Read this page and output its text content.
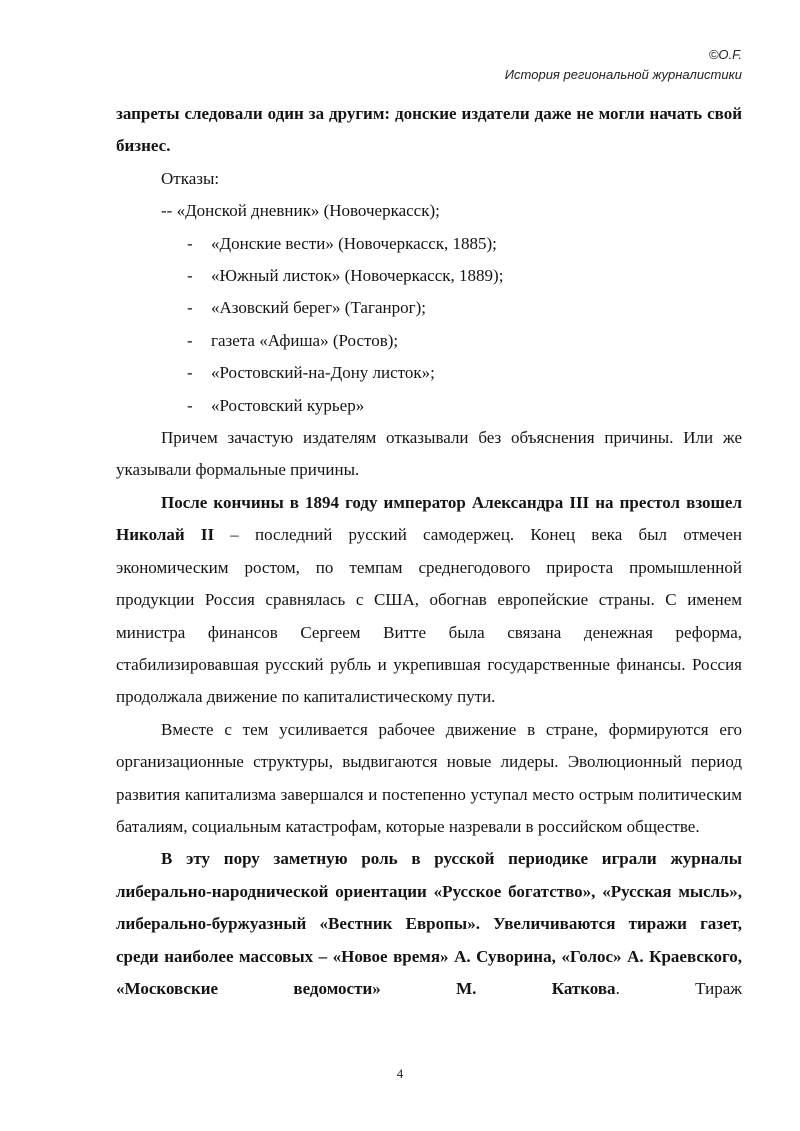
©O.F.
История региональной журналистики

запреты следовали один за другим: донские издатели даже не могли начать свой бизнес.

Отказы:

-- «Донской дневник» (Новочеркасск);

- «Донские вести» (Новочеркасск, 1885);
- «Южный листок» (Новочеркасск, 1889);
- «Азовский берег» (Таганрог);
- газета «Афиша» (Ростов);
- «Ростовский-на-Дону листок»;
- «Ростовский курьер»

Причем зачастую издателям отказывали без объяснения причины. Или же указывали формальные причины.

После кончины в 1894 году император Александра III на престол взошел Николай II – последний русский самодержец. Конец века был отмечен экономическим ростом, по темпам среднегодового прироста промышленной продукции Россия сравнялась с США, обогнав европейские страны. С именем министра финансов Сергеем Витте была связана денежная реформа, стабилизировавшая русский рубль и укрепившая государственные финансы. Россия продолжала движение по капиталистическому пути.

Вместе с тем усиливается рабочее движение в стране, формируются его организационные структуры, выдвигаются новые лидеры. Эволюционный период развития капитализма завершался и постепенно уступал место острым политическим баталиям, социальным катастрофам, которые назревали в российском обществе.

В эту пору заметную роль в русской периодике играли журналы либерально-народнической ориентации «Русское богатство», «Русская мысль», либерально-буржуазный «Вестник Европы». Увеличиваются тиражи газет, среди наиболее массовых – «Новое время» А. Суворина, «Голос» А. Краевского, «Московские ведомости» М. Каткова. Тираж

4
